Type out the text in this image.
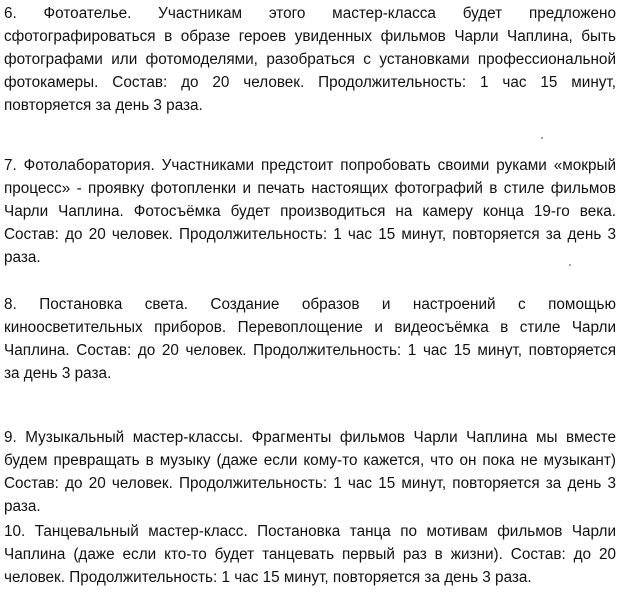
6. Фотоателье. Участникам этого мастер-класса будет предложено
сфотографироваться в образе героев увиденных фильмов Чарли Чаплина, быть
фотографами или фотомоделями, разобраться с установками профессиональной
фотокамеры. Состав: до 20 человек. Продолжительность: 1 час 15 минут,
повторяется за день 3 раза.

7. Фотолаборатория. Участниками предстоит попробовать своими руками «мокрый
процесс» - проявку фотопленки и печать настоящих фотографий в стиле фильмов
Чарли Чаплина. Фотосъёмка будет производиться на камеру конца 19-го века.
Состав: до 20 человек. Продолжительность: 1 час 15 минут, повторяется за день 3
раза.

8. Постановка света. Создание образов и настроений с помощью
киноосветительных приборов. Перевоплощение и видеосъёмка в стиле Чарли
Чаплина. Состав: до 20 человек. Продолжительность: 1 час 15 минут, повторяется
за день 3 раза.

9. Музыкальный мастер-классы. Фрагменты фильмов Чарли Чаплина мы вместе
будем превращать в музыку (даже если кому-то кажется, что он пока не музыкант)
Состав: до 20 человек. Продолжительность: 1 час 15 минут, повторяется за день 3
раза.

10. Танцевальный мастер-класс. Постановка танца по мотивам фильмов Чарли
Чаплина (даже если кто-то будет танцевать первый раз в жизни). Состав: до 20
человек. Продолжительность: 1 час 15 минут, повторяется за день 3 раза.
